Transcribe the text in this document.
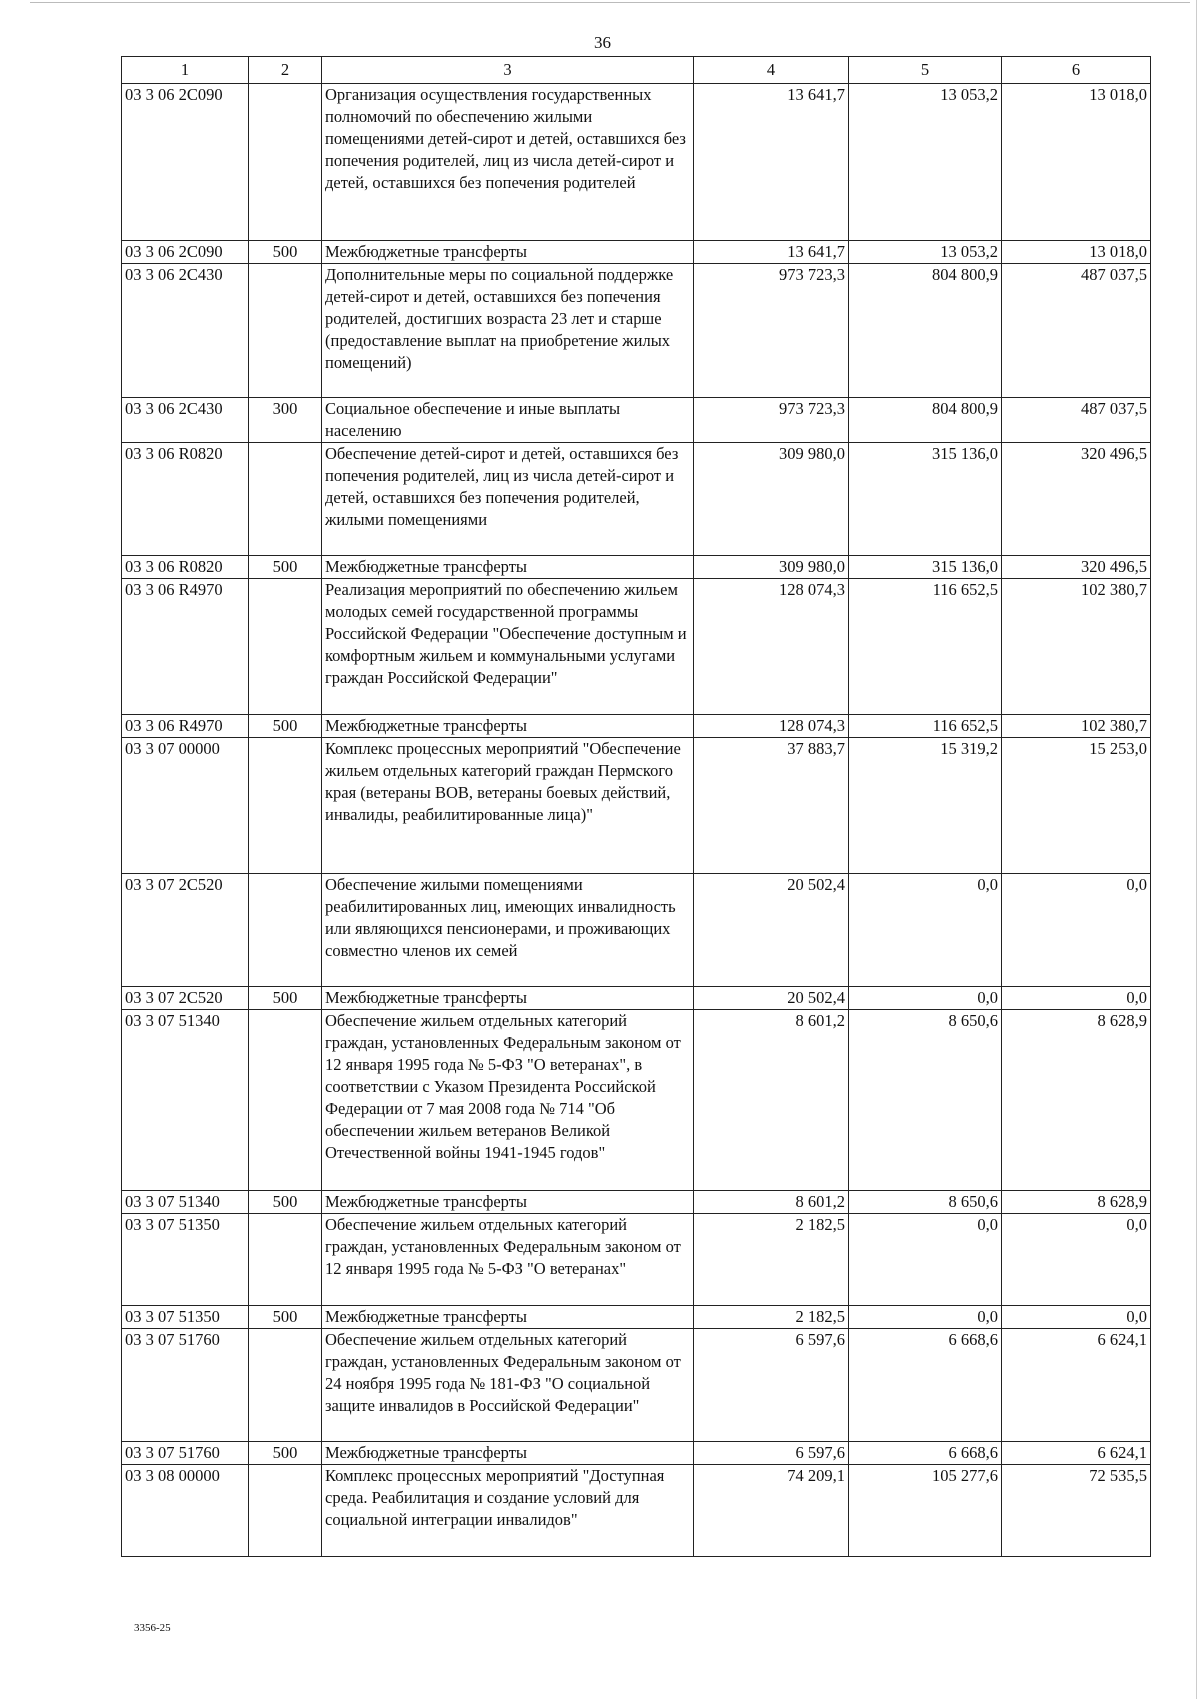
36
1	2	3	4	5	6
03 3 06 2С090		Организация осуществления государственных полномочий по обеспечению жилыми помещениями детей-сирот и детей, оставшихся без попечения родителей, лиц из числа детей-сирот и детей, оставшихся без попечения родителей	13 641,7	13 053,2	13 018,0
03 3 06 2С090	500	Межбюджетные трансферты	13 641,7	13 053,2	13 018,0
03 3 06 2С430		Дополнительные меры по социальной поддержке детей-сирот и детей, оставшихся без попечения родителей, достигших возраста 23 лет и старше (предоставление выплат на приобретение жилых помещений)	973 723,3	804 800,9	487 037,5
03 3 06 2С430	300	Социальное обеспечение и иные выплаты населению	973 723,3	804 800,9	487 037,5
03 3 06 R0820		Обеспечение детей-сирот и детей, оставшихся без попечения родителей, лиц из числа детей-сирот и детей, оставшихся без попечения родителей, жилыми помещениями	309 980,0	315 136,0	320 496,5
03 3 06 R0820	500	Межбюджетные трансферты	309 980,0	315 136,0	320 496,5
03 3 06 R4970		Реализация мероприятий по обеспечению жильем молодых семей государственной программы Российской Федерации "Обеспечение доступным и комфортным жильем и коммунальными услугами граждан Российской Федерации"	128 074,3	116 652,5	102 380,7
03 3 06 R4970	500	Межбюджетные трансферты	128 074,3	116 652,5	102 380,7
03 3 07 00000		Комплекс процессных мероприятий "Обеспечение жильем отдельных категорий граждан Пермского края (ветераны ВОВ, ветераны боевых действий, инвалиды, реабилитированные лица)"	37 883,7	15 319,2	15 253,0
03 3 07 2С520		Обеспечение жилыми помещениями реабилитированных лиц, имеющих инвалидность или являющихся пенсионерами, и проживающих совместно членов их семей	20 502,4	0,0	0,0
03 3 07 2С520	500	Межбюджетные трансферты	20 502,4	0,0	0,0
03 3 07 51340		Обеспечение жильем отдельных категорий граждан, установленных Федеральным законом от 12 января 1995 года № 5-ФЗ "О ветеранах", в соответствии с Указом Президента Российской Федерации от 7 мая 2008 года № 714 "Об обеспечении жильем ветеранов Великой Отечественной войны 1941-1945 годов"	8 601,2	8 650,6	8 628,9
03 3 07 51340	500	Межбюджетные трансферты	8 601,2	8 650,6	8 628,9
03 3 07 51350		Обеспечение жильем отдельных категорий граждан, установленных Федеральным законом от 12 января 1995 года № 5-ФЗ "О ветеранах"	2 182,5	0,0	0,0
03 3 07 51350	500	Межбюджетные трансферты	2 182,5	0,0	0,0
03 3 07 51760		Обеспечение жильем отдельных категорий граждан, установленных Федеральным законом от 24 ноября 1995 года № 181-ФЗ "О социальной защите инвалидов в Российской Федерации"	6 597,6	6 668,6	6 624,1
03 3 07 51760	500	Межбюджетные трансферты	6 597,6	6 668,6	6 624,1
03 3 08 00000		Комплекс процессных мероприятий "Доступная среда. Реабилитация и создание условий для социальной интеграции инвалидов"	74 209,1	105 277,6	72 535,5
3356-25
